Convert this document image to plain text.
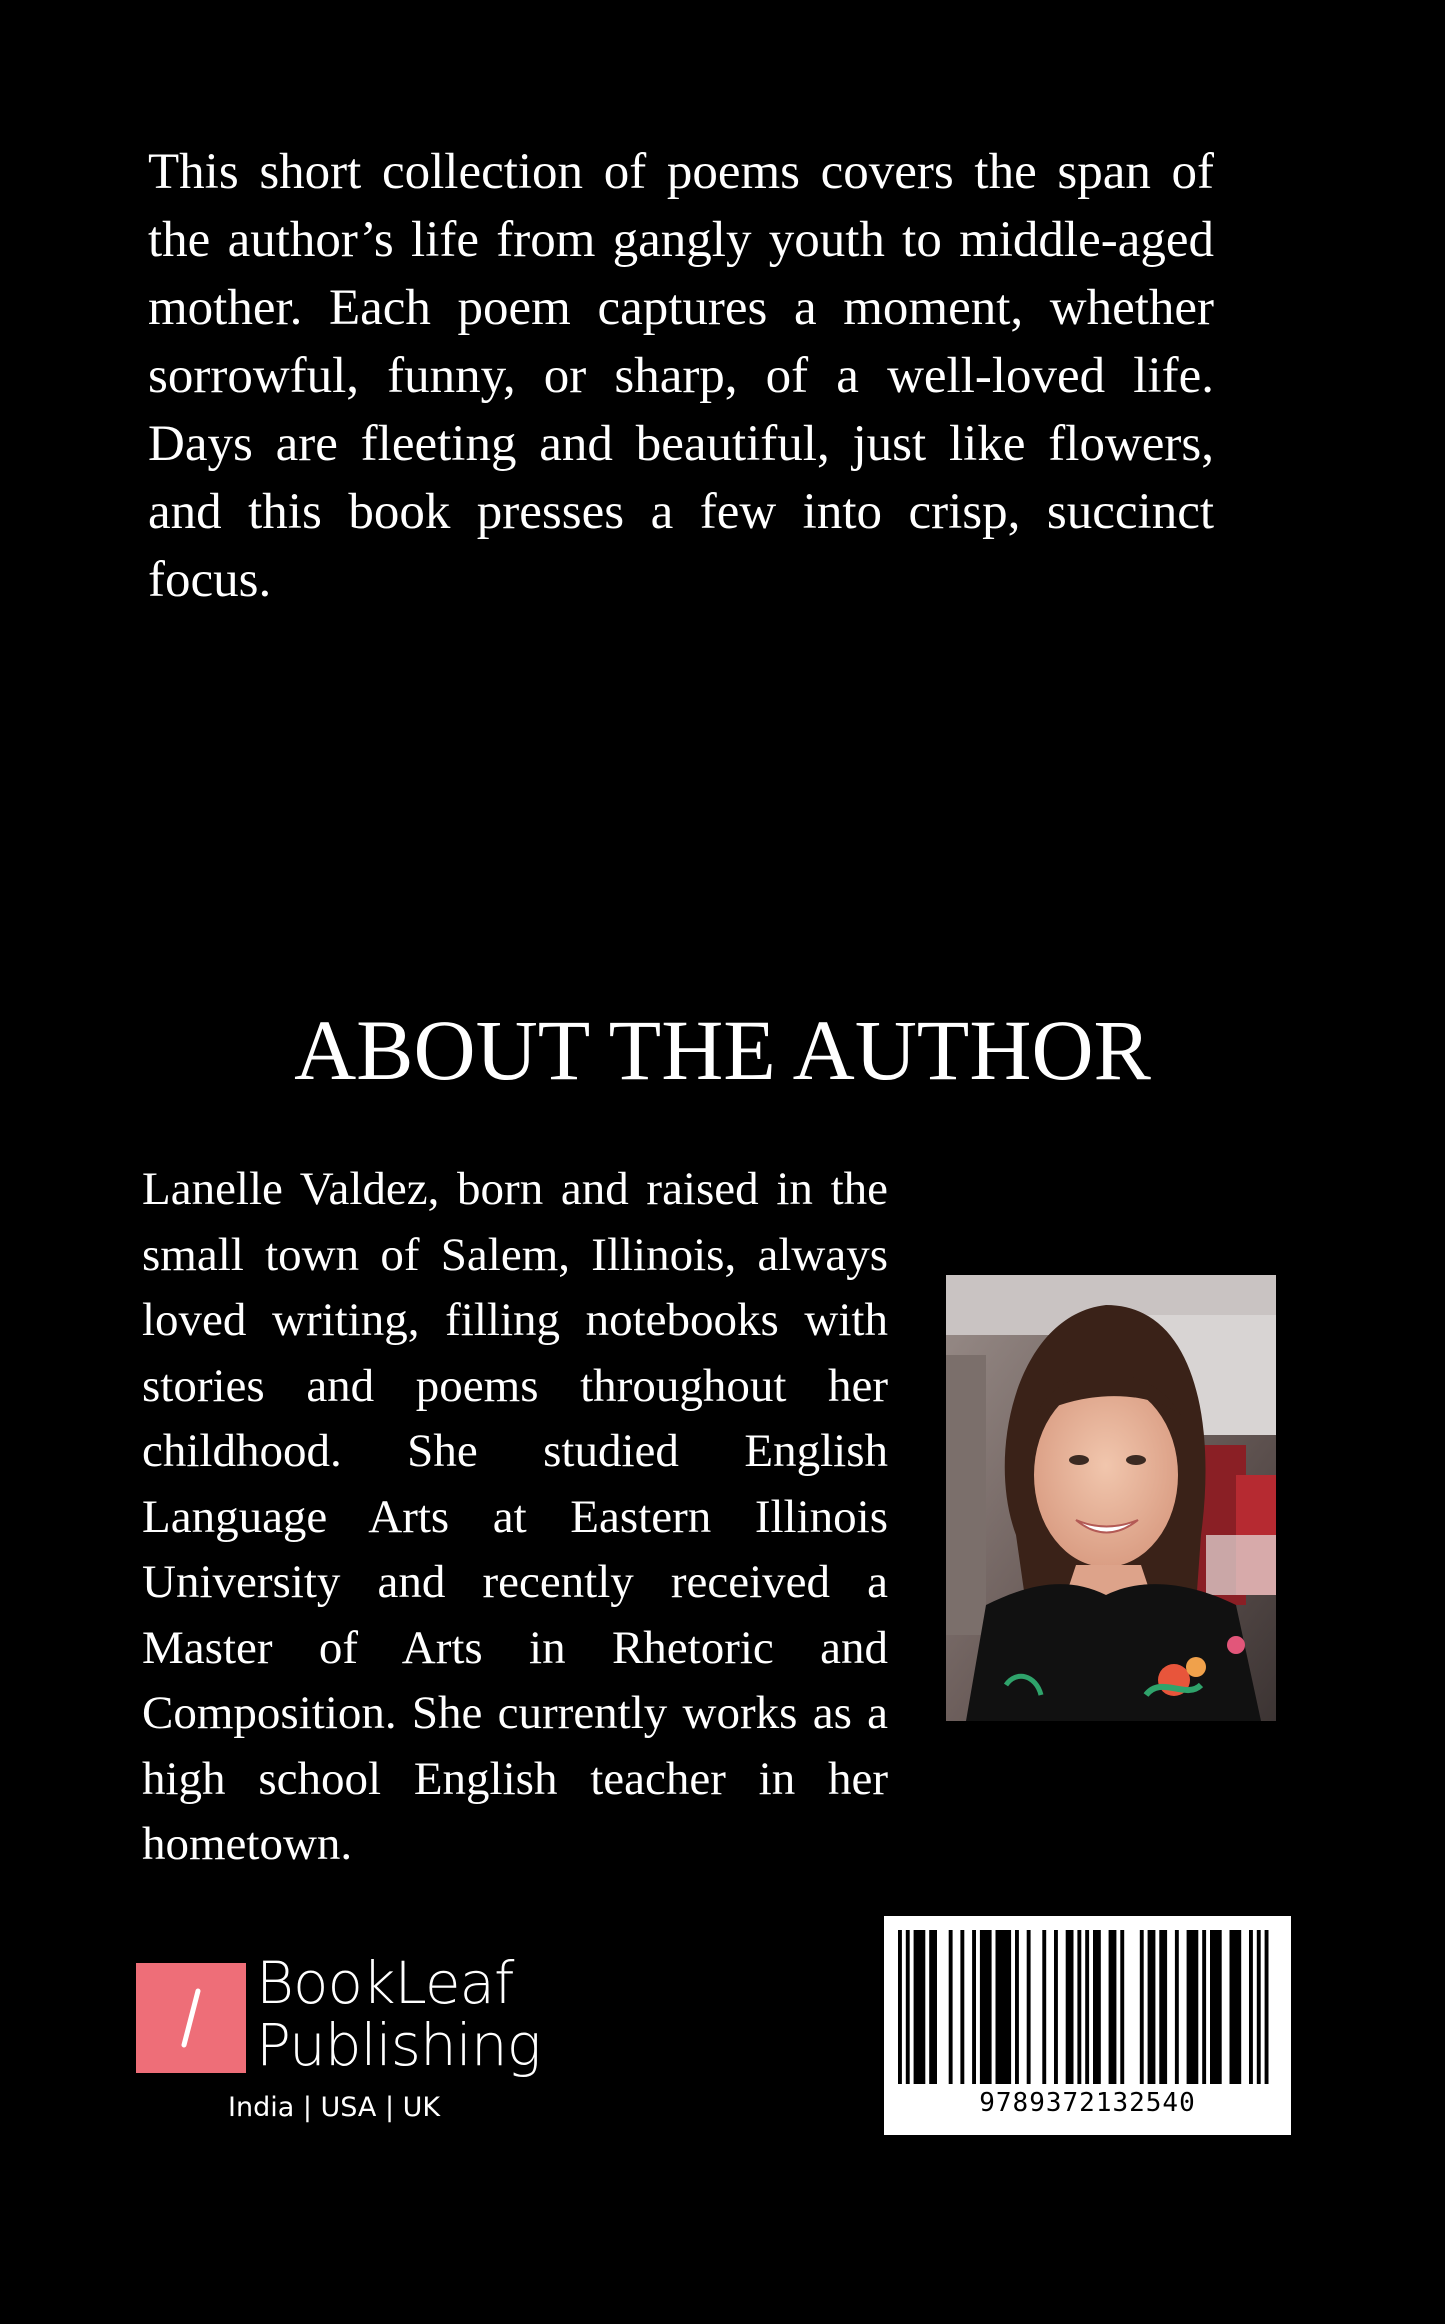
This short collection of poems covers the span of the author’s life from gangly youth to middle-aged mother. Each poem captures a moment, whether sorrowful, funny, or sharp, of a well-loved life. Days are fleeting and beautiful, just like flowers, and this book presses a few into crisp, succinct focus.

ABOUT THE AUTHOR

Lanelle Valdez, born and raised in the small town of Salem, Illinois, always loved writing, filling notebooks with stories and poems throughout her childhood. She studied English Language Arts at Eastern Illinois University and recently received a Master of Arts in Rhetoric and Composition. She currently works as a high school English teacher in her hometown.

BookLeaf
Publishing
India | USA | UK	9789372132540
